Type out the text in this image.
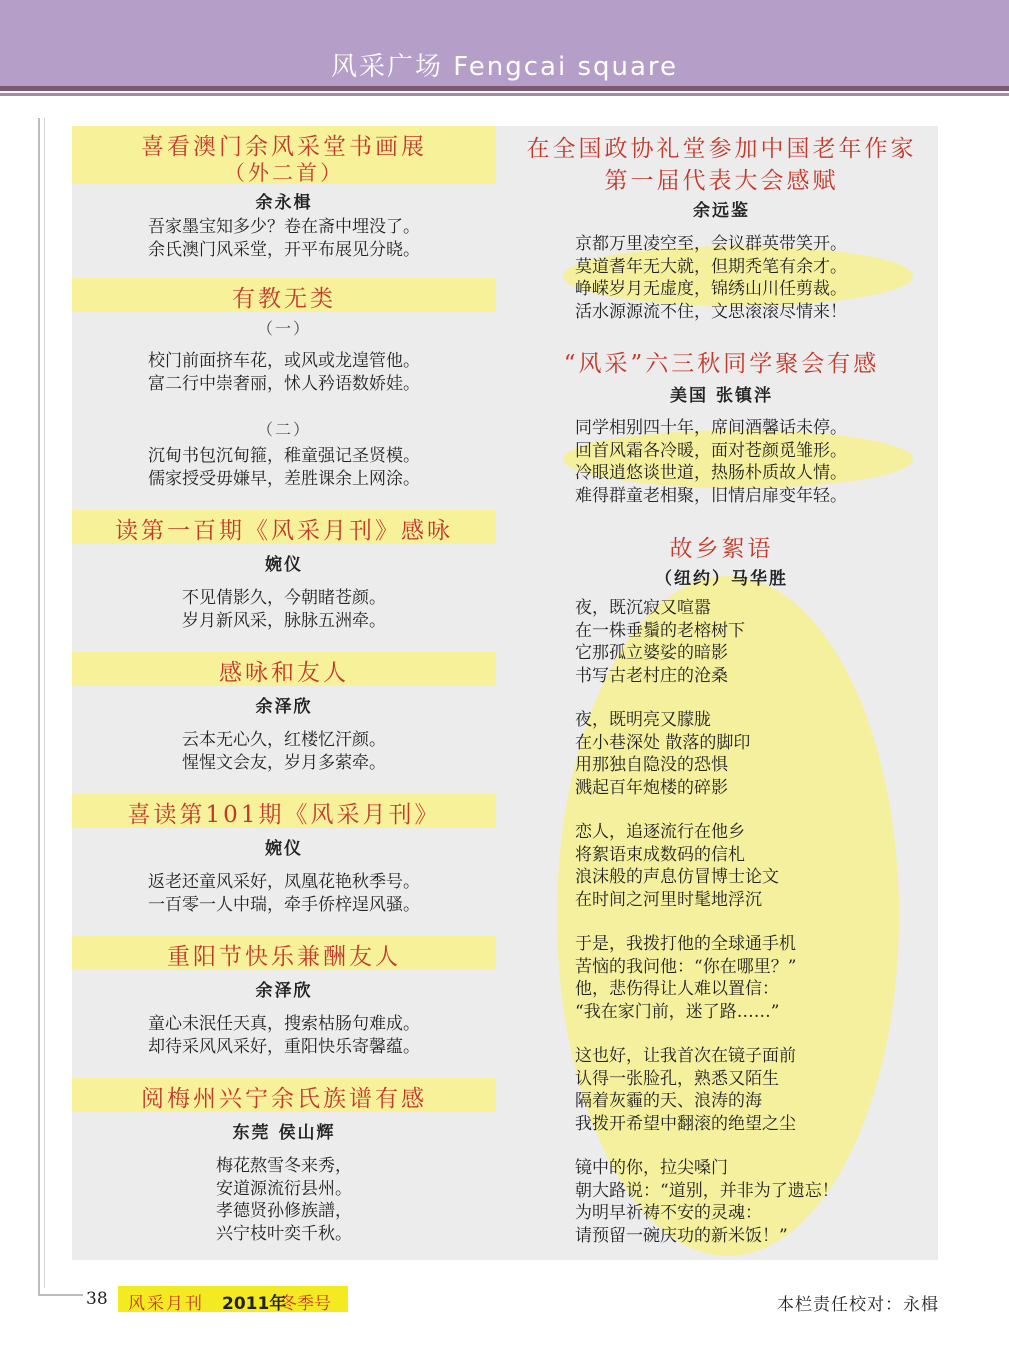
风采广场 Fengcai square
喜看澳门余风采堂书画展
（外二首）
余永楫
吾家墨宝知多少？卷在斋中埋没了。
余氏澳门风采堂，开平布展见分晓。
有教无类
（一）
校门前面挤车花，或风或龙遑管他。
富二行中崇奢丽，怵人矜语数娇娃。
（二）
沉甸书包沉甸箍，稚童强记圣贤模。
儒家授受毋嫌早，差胜课余上网涂。
读第一百期《风采月刊》感咏
婉仪
不见倩影久，今朝睹苍颜。
岁月新风采，脉脉五洲牵。
感咏和友人
余泽欣
云本无心久，红楼忆汗颜。
惺惺文会友，岁月多萦牵。
喜读第101期《风采月刊》
婉仪
返老还童风采好，凤凰花艳秋季号。
一百零一人中瑞，牵手侨梓逞风骚。
重阳节快乐兼酬友人
余泽欣
童心未泯任天真，搜索枯肠句难成。
却待采风风采好，重阳快乐寄馨蕴。
阅梅州兴宁余氏族谱有感
东莞 侯山辉
梅花熬雪冬来秀，
安道源流衍县州。
孝德贤孙修族譜，
兴宁枝叶奕千秋。
在全国政协礼堂参加中国老年作家
第一届代表大会感赋
余远鉴
京都万里凌空至，会议群英带笑开。
莫道耆年无大就，但期秃笔有余才。
峥嵘岁月无虚度，锦绣山川任剪裁。
活水源源流不住，文思滚滚尽情来！
“风采”六三秋同学聚会有感
美国 张镇泮
同学相别四十年，席间酒馨话未停。
回首风霜各冷暖，面对苍颜觅雏形。
冷眼逍悠谈世道，热肠朴质故人情。
难得群童老相聚，旧情启扉变年轻。
故乡絮语
（纽约）马华胜
夜，既沉寂又喧嚣
在一株垂鬚的老榕树下
它那孤立婆娑的暗影
书写古老村庄的沧桑
夜，既明亮又朦胧
在小巷深处 散落的脚印
用那独自隐没的恐惧
溅起百年炮楼的碎影
恋人，追逐流行在他乡
将絮语束成数码的信札
浪沫般的声息仿冒博士论文
在时间之河里时髦地浮沉
于是，我拨打他的全球通手机
苦恼的我问他：“你在哪里？”
他，悲伤得让人难以置信：
“我在家门前，迷了路……”
这也好，让我首次在镜子面前
认得一张脸孔，熟悉又陌生
隔着灰霾的天、浪涛的海
我拨开希望中翻滚的绝望之尘
镜中的你，拉尖嗓门
朝大路说：“道别，并非为了遗忘！
为明早祈祷不安的灵魂：
请预留一碗庆功的新米饭！”
38 风采月刊 2011年
冬季号	本栏责任校对：永楫
